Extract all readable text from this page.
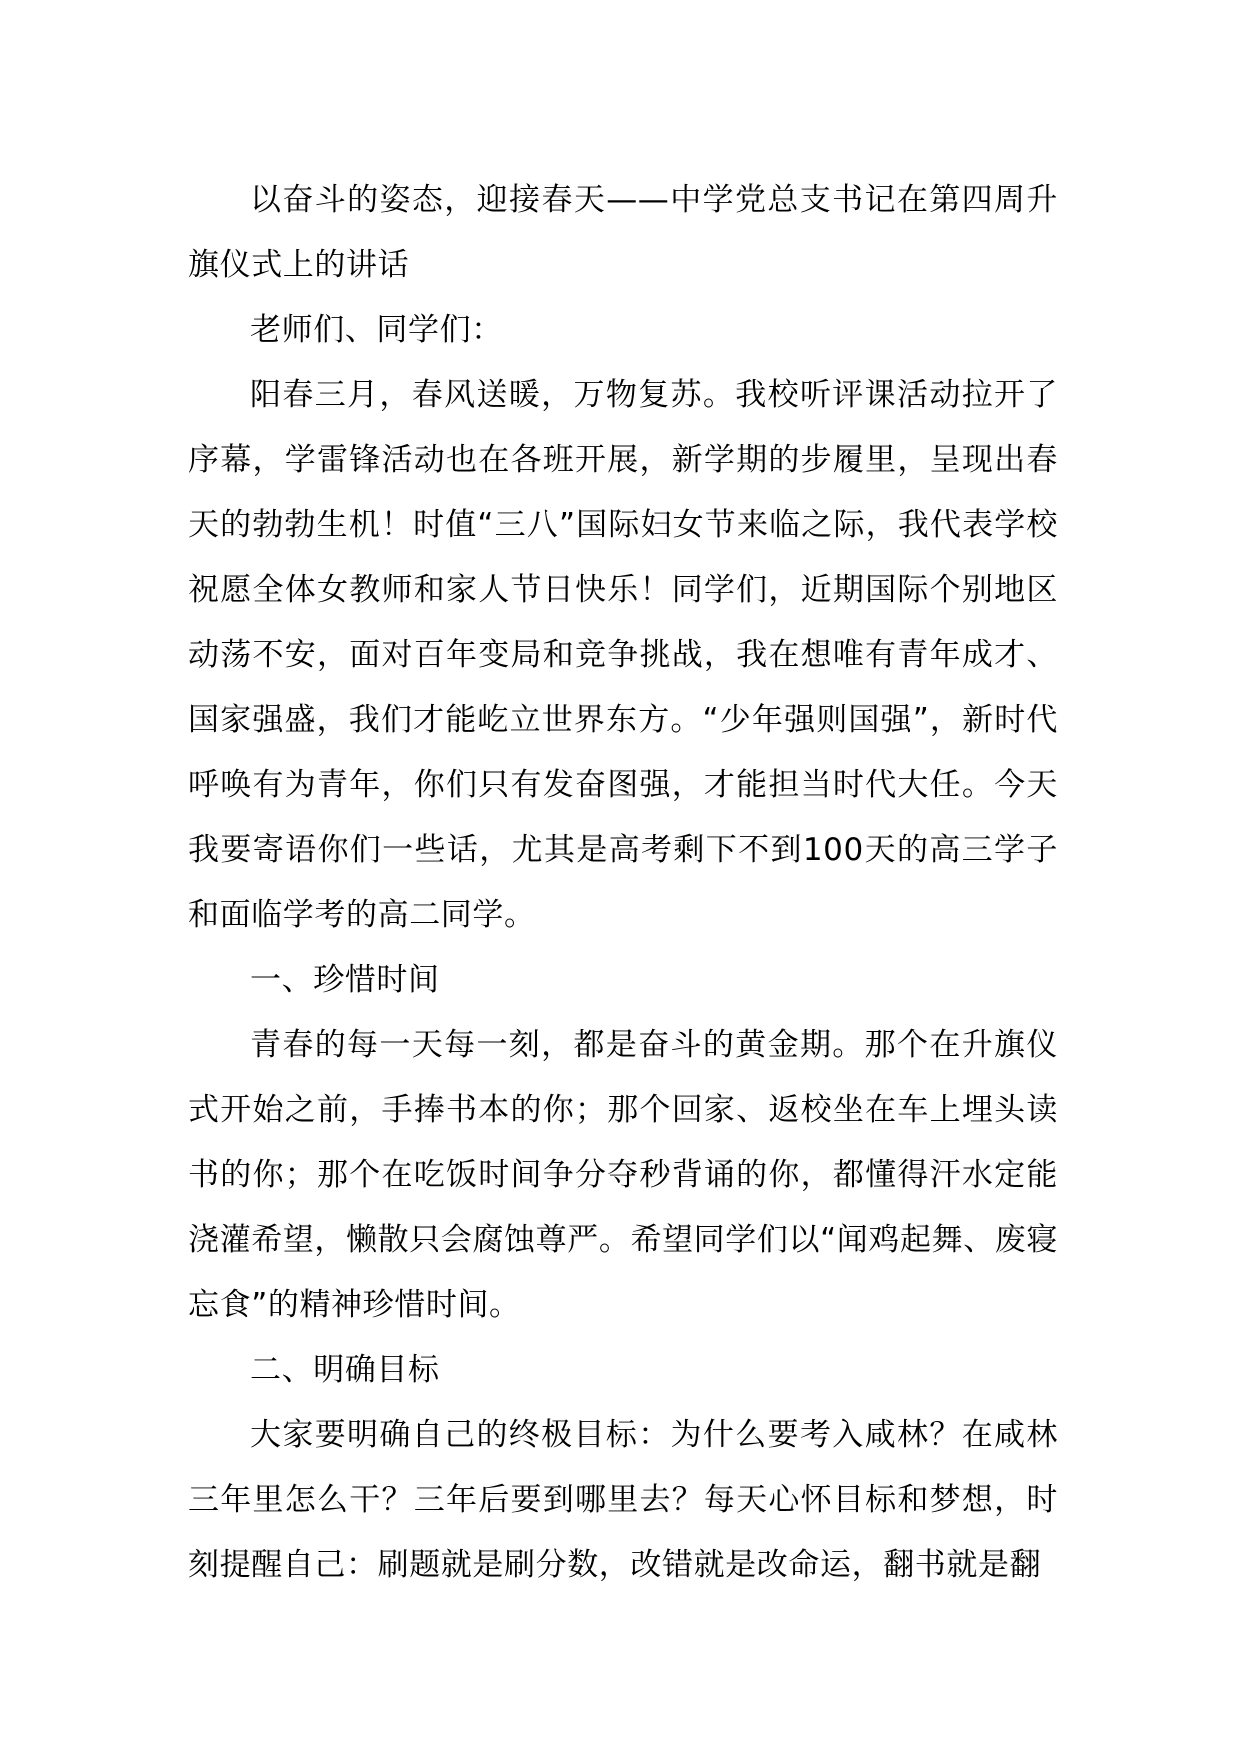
以奋斗的姿态，迎接春天——中学党总支书记在第四周升旗仪式上的讲话

老师们、同学们：

阳春三月，春风送暖，万物复苏。我校听评课活动拉开了序幕，学雷锋活动也在各班开展，新学期的步履里，呈现出春天的勃勃生机！时值“三八”国际妇女节来临之际，我代表学校祝愿全体女教师和家人节日快乐！同学们，近期国际个别地区动荡不安，面对百年变局和竞争挑战，我在想唯有青年成才、国家强盛，我们才能屹立世界东方。“少年强则国强”，新时代呼唤有为青年，你们只有发奋图强，才能担当时代大任。今天我要寄语你们一些话，尤其是高考剩下不到100天的高三学子和面临学考的高二同学。

一、珍惜时间

青春的每一天每一刻，都是奋斗的黄金期。那个在升旗仪式开始之前，手捧书本的你；那个回家、返校坐在车上埋头读书的你；那个在吃饭时间争分夺秒背诵的你，都懂得汗水定能浇灌希望，懒散只会腐蚀尊严。希望同学们以“闻鸡起舞、废寝忘食”的精神珍惜时间。

二、明确目标

大家要明确自己的终极目标：为什么要考入咸林？在咸林三年里怎么干？三年后要到哪里去？每天心怀目标和梦想，时刻提醒自己：刷题就是刷分数，改错就是改命运，翻书就是翻
